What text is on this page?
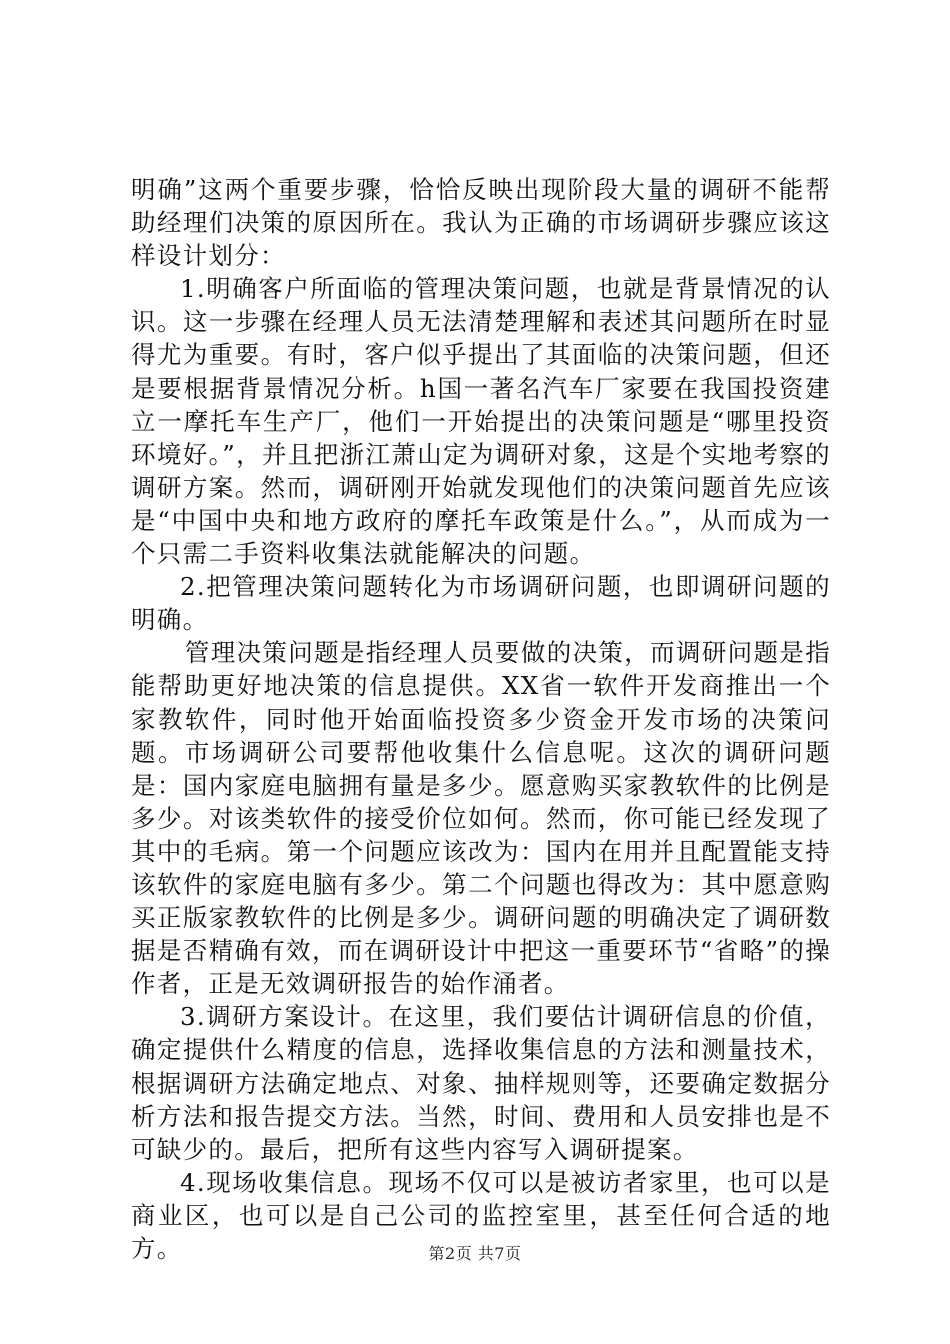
明确”这两个重要步骤，恰恰反映出现阶段大量的调研不能帮助经理们决策的原因所在。我认为正确的市场调研步骤应该这样设计划分：

1.明确客户所面临的管理决策问题，也就是背景情况的认识。这一步骤在经理人员无法清楚理解和表述其问题所在时显得尤为重要。有时，客户似乎提出了其面临的决策问题，但还是要根据背景情况分析。h国一著名汽车厂家要在我国投资建立一摩托车生产厂，他们一开始提出的决策问题是“哪里投资环境好。”，并且把浙江萧山定为调研对象，这是个实地考察的调研方案。然而，调研刚开始就发现他们的决策问题首先应该是“中国中央和地方政府的摩托车政策是什么。”，从而成为一个只需二手资料收集法就能解决的问题。

2.把管理决策问题转化为市场调研问题，也即调研问题的明确。

管理决策问题是指经理人员要做的决策，而调研问题是指能帮助更好地决策的信息提供。XX省一软件开发商推出一个家教软件，同时他开始面临投资多少资金开发市场的决策问题。市场调研公司要帮他收集什么信息呢。这次的调研问题是：国内家庭电脑拥有量是多少。愿意购买家教软件的比例是多少。对该类软件的接受价位如何。然而，你可能已经发现了其中的毛病。第一个问题应该改为：国内在用并且配置能支持该软件的家庭电脑有多少。第二个问题也得改为：其中愿意购买正版家教软件的比例是多少。调研问题的明确决定了调研数据是否精确有效，而在调研设计中把这一重要环节“省略”的操作者，正是无效调研报告的始作涌者。

3.调研方案设计。在这里，我们要估计调研信息的价值，确定提供什么精度的信息，选择收集信息的方法和测量技术，根据调研方法确定地点、对象、抽样规则等，还要确定数据分析方法和报告提交方法。当然，时间、费用和人员安排也是不可缺少的。最后，把所有这些内容写入调研提案。

4.现场收集信息。现场不仅可以是被访者家里，也可以是商业区，也可以是自己公司的监控室里，甚至任何合适的地方。	第2页 共7页
